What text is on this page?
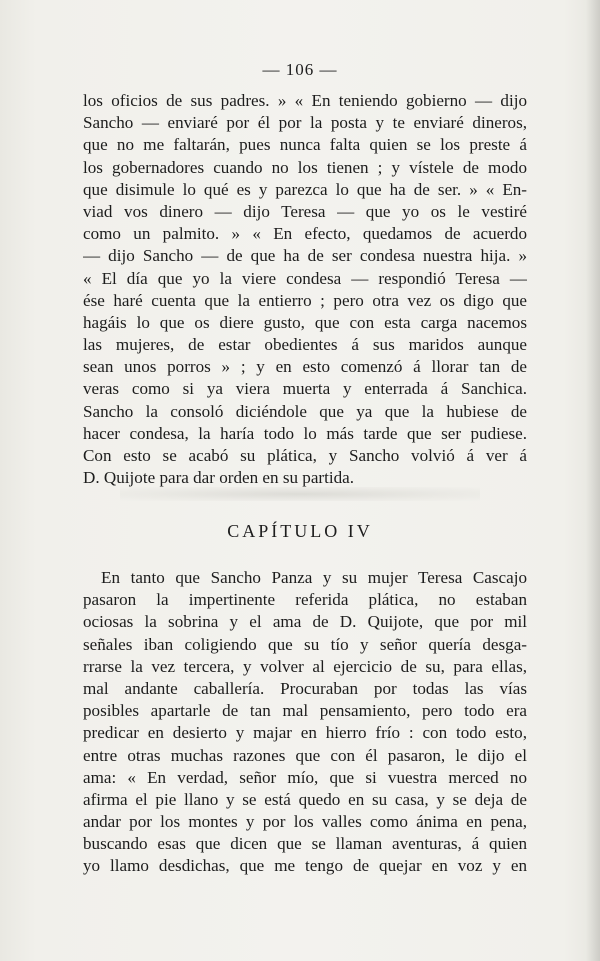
— 106 —
los oficios de sus padres. » « En teniendo gobierno — dijo
Sancho — enviaré por él por la posta y te enviaré dineros,
que no me faltarán, pues nunca falta quien se los preste á
los gobernadores cuando no los tienen ; y vístele de modo
que disimule lo qué es y parezca lo que ha de ser. » « En-
viad vos dinero — dijo Teresa — que yo os le vestiré
como un palmito. » « En efecto, quedamos de acuerdo
— dijo Sancho — de que ha de ser condesa nuestra hija. »
« El día que yo la viere condesa — respondió Teresa —
ése haré cuenta que la entierro ; pero otra vez os digo que
hagáis lo que os diere gusto, que con esta carga nacemos
las mujeres, de estar obedientes á sus maridos aunque
sean unos porros » ; y en esto comenzó á llorar tan de
veras como si ya viera muerta y enterrada á Sanchica.
Sancho la consoló diciéndole que ya que la hubiese de
hacer condesa, la haría todo lo más tarde que ser pudiese.
Con esto se acabó su plática, y Sancho volvió á ver á
D. Quijote para dar orden en su partida.
CAPÍTULO IV
En tanto que Sancho Panza y su mujer Teresa Cascajo
pasaron la impertinente referida plática, no estaban
ociosas la sobrina y el ama de D. Quijote, que por mil
señales iban coligiendo que su tío y señor quería desga-
rrarse la vez tercera, y volver al ejercicio de su, para ellas,
mal andante caballería. Procuraban por todas las vías
posibles apartarle de tan mal pensamiento, pero todo era
predicar en desierto y majar en hierro frío : con todo esto,
entre otras muchas razones que con él pasaron, le dijo el
ama: « En verdad, señor mío, que si vuestra merced no
afirma el pie llano y se está quedo en su casa, y se deja de
andar por los montes y por los valles como ánima en pena,
buscando esas que dicen que se llaman aventuras, á quien
yo llamo desdichas, que me tengo de quejar en voz y en
